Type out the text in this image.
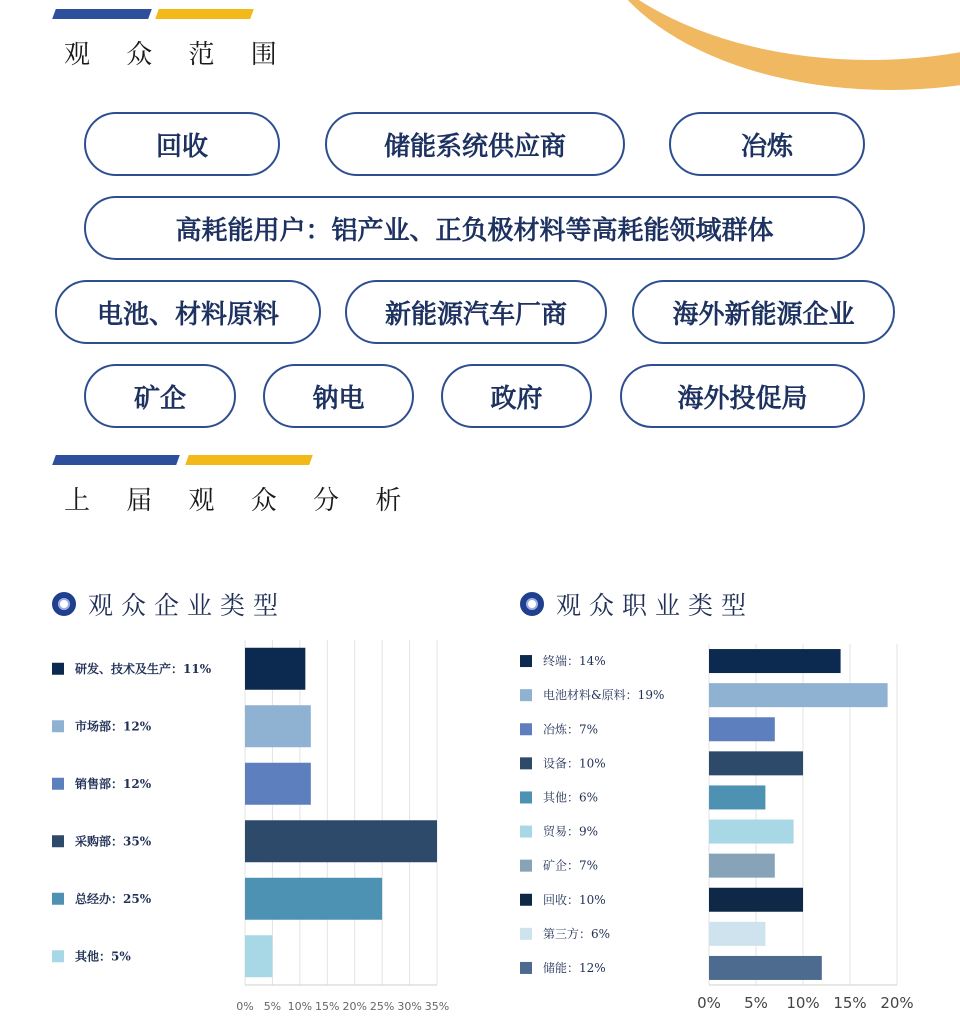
观 众 范 围
回收	储能系统供应商	冶炼
高耗能用户：铝产业、正负极材料等高耗能领域群体
电池、材料原料	新能源汽车厂商	海外新能源企业
矿企	钠电	政府	海外投促局
上 届 观 众 分 析
观众企业类型	观众职业类型
0% 5% 10% 15% 20% 25% 30% 35%
研发、技术及生产：11%
市场部：12%
销售部：12%
采购部：35%
总经办：25%
其他：5%
0% 5% 10% 15% 20%
终端：14%
电池材料&原料：19%
冶炼：7%
设备：10%
其他：6%
贸易：9%
矿企：7%
回收：10%
第三方：6%
储能：12%
